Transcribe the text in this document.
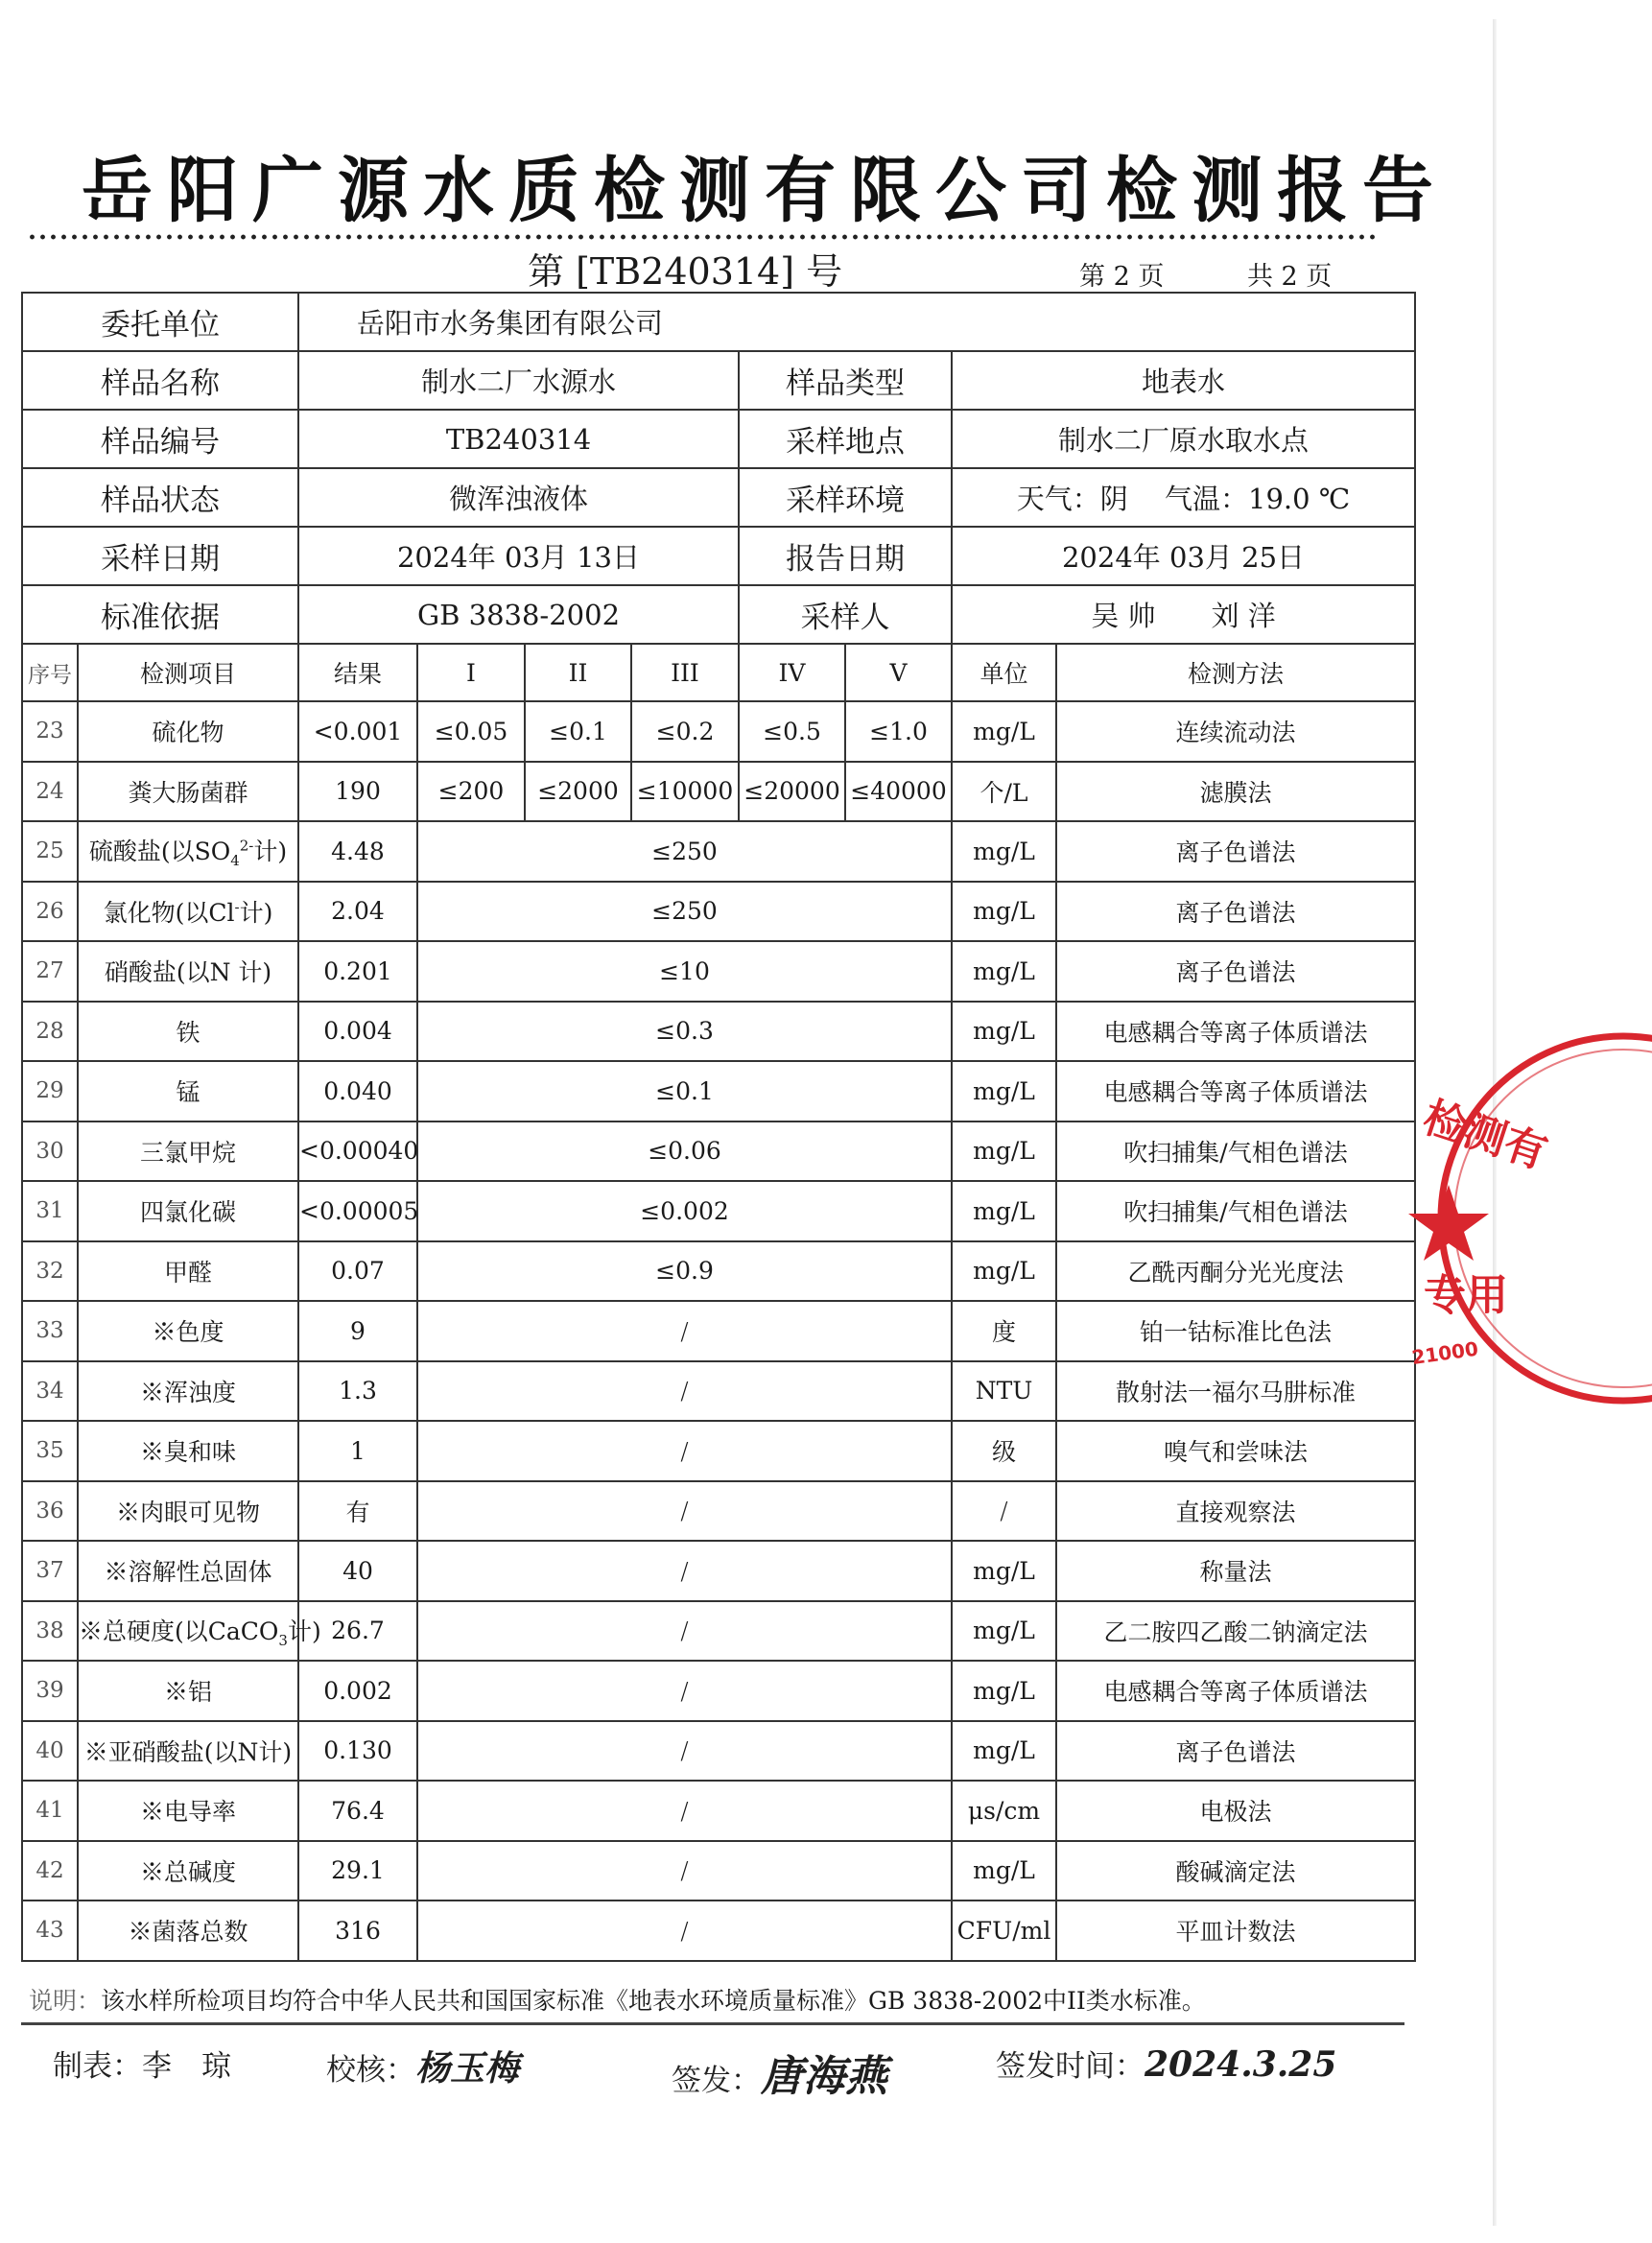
岳阳广源水质检测有限公司检测报告
第 [TB240314] 号	第 2 页	共 2 页
委托单位		岳阳市水务集团有限公司							
样品名称		制水二厂水源水				样品类型		地表水	
样品编号		TB240314				采样地点		制水二厂原水取水点	
样品状态		微浑浊液体				采样环境		天气：阴　 气温：19.0 ℃	
采样日期		2024年 03月 13日				报告日期		2024年 03月 25日	
标准依据		GB 3838-2002				采样人		吴 帅　　刘 洋	
序号	检测项目	结果	I	II	III	IV	V	单位	检测方法
23	硫化物	<0.001	≤0.05	≤0.1	≤0.2	≤0.5	≤1.0	mg/L	连续流动法
24	粪大肠菌群	190	≤200	≤2000	≤10000	≤20000	≤40000	个/L	滤膜法
25	硫酸盐(以$SO_4^{2-}$计)	4.48	≤250					mg/L	离子色谱法
26	氯化物(以Cl-计)	2.04	≤250					mg/L	离子色谱法
27	硝酸盐(以N 计)	0.201	≤10					mg/L	离子色谱法
28	铁	0.004	≤0.3					mg/L	电感耦合等离子体质谱法
29	锰	0.040	≤0.1					mg/L	电感耦合等离子体质谱法
30	三氯甲烷	<0.00040	≤0.06					mg/L	吹扫捕集/气相色谱法
31	四氯化碳	<0.00005	≤0.002					mg/L	吹扫捕集/气相色谱法
32	甲醛	0.07	≤0.9					mg/L	乙酰丙酮分光光度法
33	※色度	9	/					度	铂一钴标准比色法
34	※浑浊度	1.3	/					NTU	散射法一福尔马肼标准
35	※臭和味	1	/					级	嗅气和尝味法
36	※肉眼可见物	有	/					/	直接观察法
37	※溶解性总固体	40	/					mg/L	称量法
38	※总硬度(以CaCO$_3$计)	26.7	/					mg/L	乙二胺四乙酸二钠滴定法
39	※铝	0.002	/					mg/L	电感耦合等离子体质谱法
40	※亚硝酸盐(以N计)	0.130	/					mg/L	离子色谱法
41	※电导率	76.4	/					μs/cm	电极法
42	※总碱度	29.1	/					mg/L	酸碱滴定法
43	※菌落总数	316	/					CFU/ml	平皿计数法
说明：该水样所检项目均符合中华人民共和国国家标准《地表水环境质量标准》GB 3838-2002中II类水标准。
制表：李　琼	校核：杨玉梅	签发：唐海燕	签发时间：2024.3.25
检测有
专用
21000
